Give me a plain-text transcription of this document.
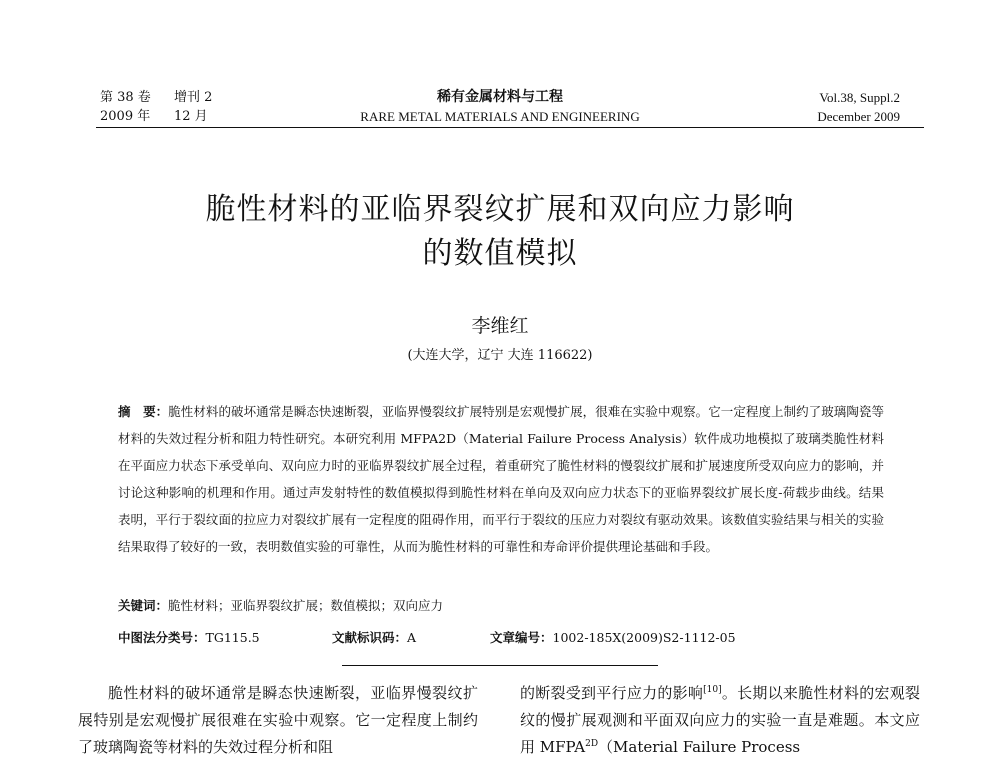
第 38 卷 增刊 2
2009 年 12 月
稀有金属材料与工程
RARE METAL MATERIALS AND ENGINEERING
Vol.38, Suppl.2
December 2009
脆性材料的亚临界裂纹扩展和双向应力影响
的数值模拟
李维红
(大连大学，辽宁 大连 116622)
摘　要：脆性材料的破坏通常是瞬态快速断裂，亚临界慢裂纹扩展特别是宏观慢扩展，很难在实验中观察。它一定程度上制约了玻璃陶瓷等材料的失效过程分析和阻力特性研究。本研究利用 MFPA2D（Material Failure Process Analysis）软件成功地模拟了玻璃类脆性材料在平面应力状态下承受单向、双向应力时的亚临界裂纹扩展全过程，着重研究了脆性材料的慢裂纹扩展和扩展速度所受双向应力的影响，并讨论这种影响的机理和作用。通过声发射特性的数值模拟得到脆性材料在单向及双向应力状态下的亚临界裂纹扩展长度-荷载步曲线。结果表明，平行于裂纹面的拉应力对裂纹扩展有一定程度的阻碍作用，而平行于裂纹的压应力对裂纹有驱动效果。该数值实验结果与相关的实验结果取得了较好的一致，表明数值实验的可靠性，从而为脆性材料的可靠性和寿命评价提供理论基础和手段。
关键词：脆性材料；亚临界裂纹扩展；数值模拟；双向应力
中图法分类号：TG115.5	文献标识码：A	文章编号：1002-185X(2009)S2-1112-05

脆性材料的破坏通常是瞬态快速断裂，亚临界慢裂纹扩展特别是宏观慢扩展很难在实验中观察。它一定程度上制约了玻璃陶瓷等材料的失效过程分析和阻

的断裂受到平行应力的影响[10]。长期以来脆性材料的宏观裂纹的慢扩展观测和平面双向应力的实验一直是难题。本文应用 $MFPA^{2D}(Material$ Failure Process
